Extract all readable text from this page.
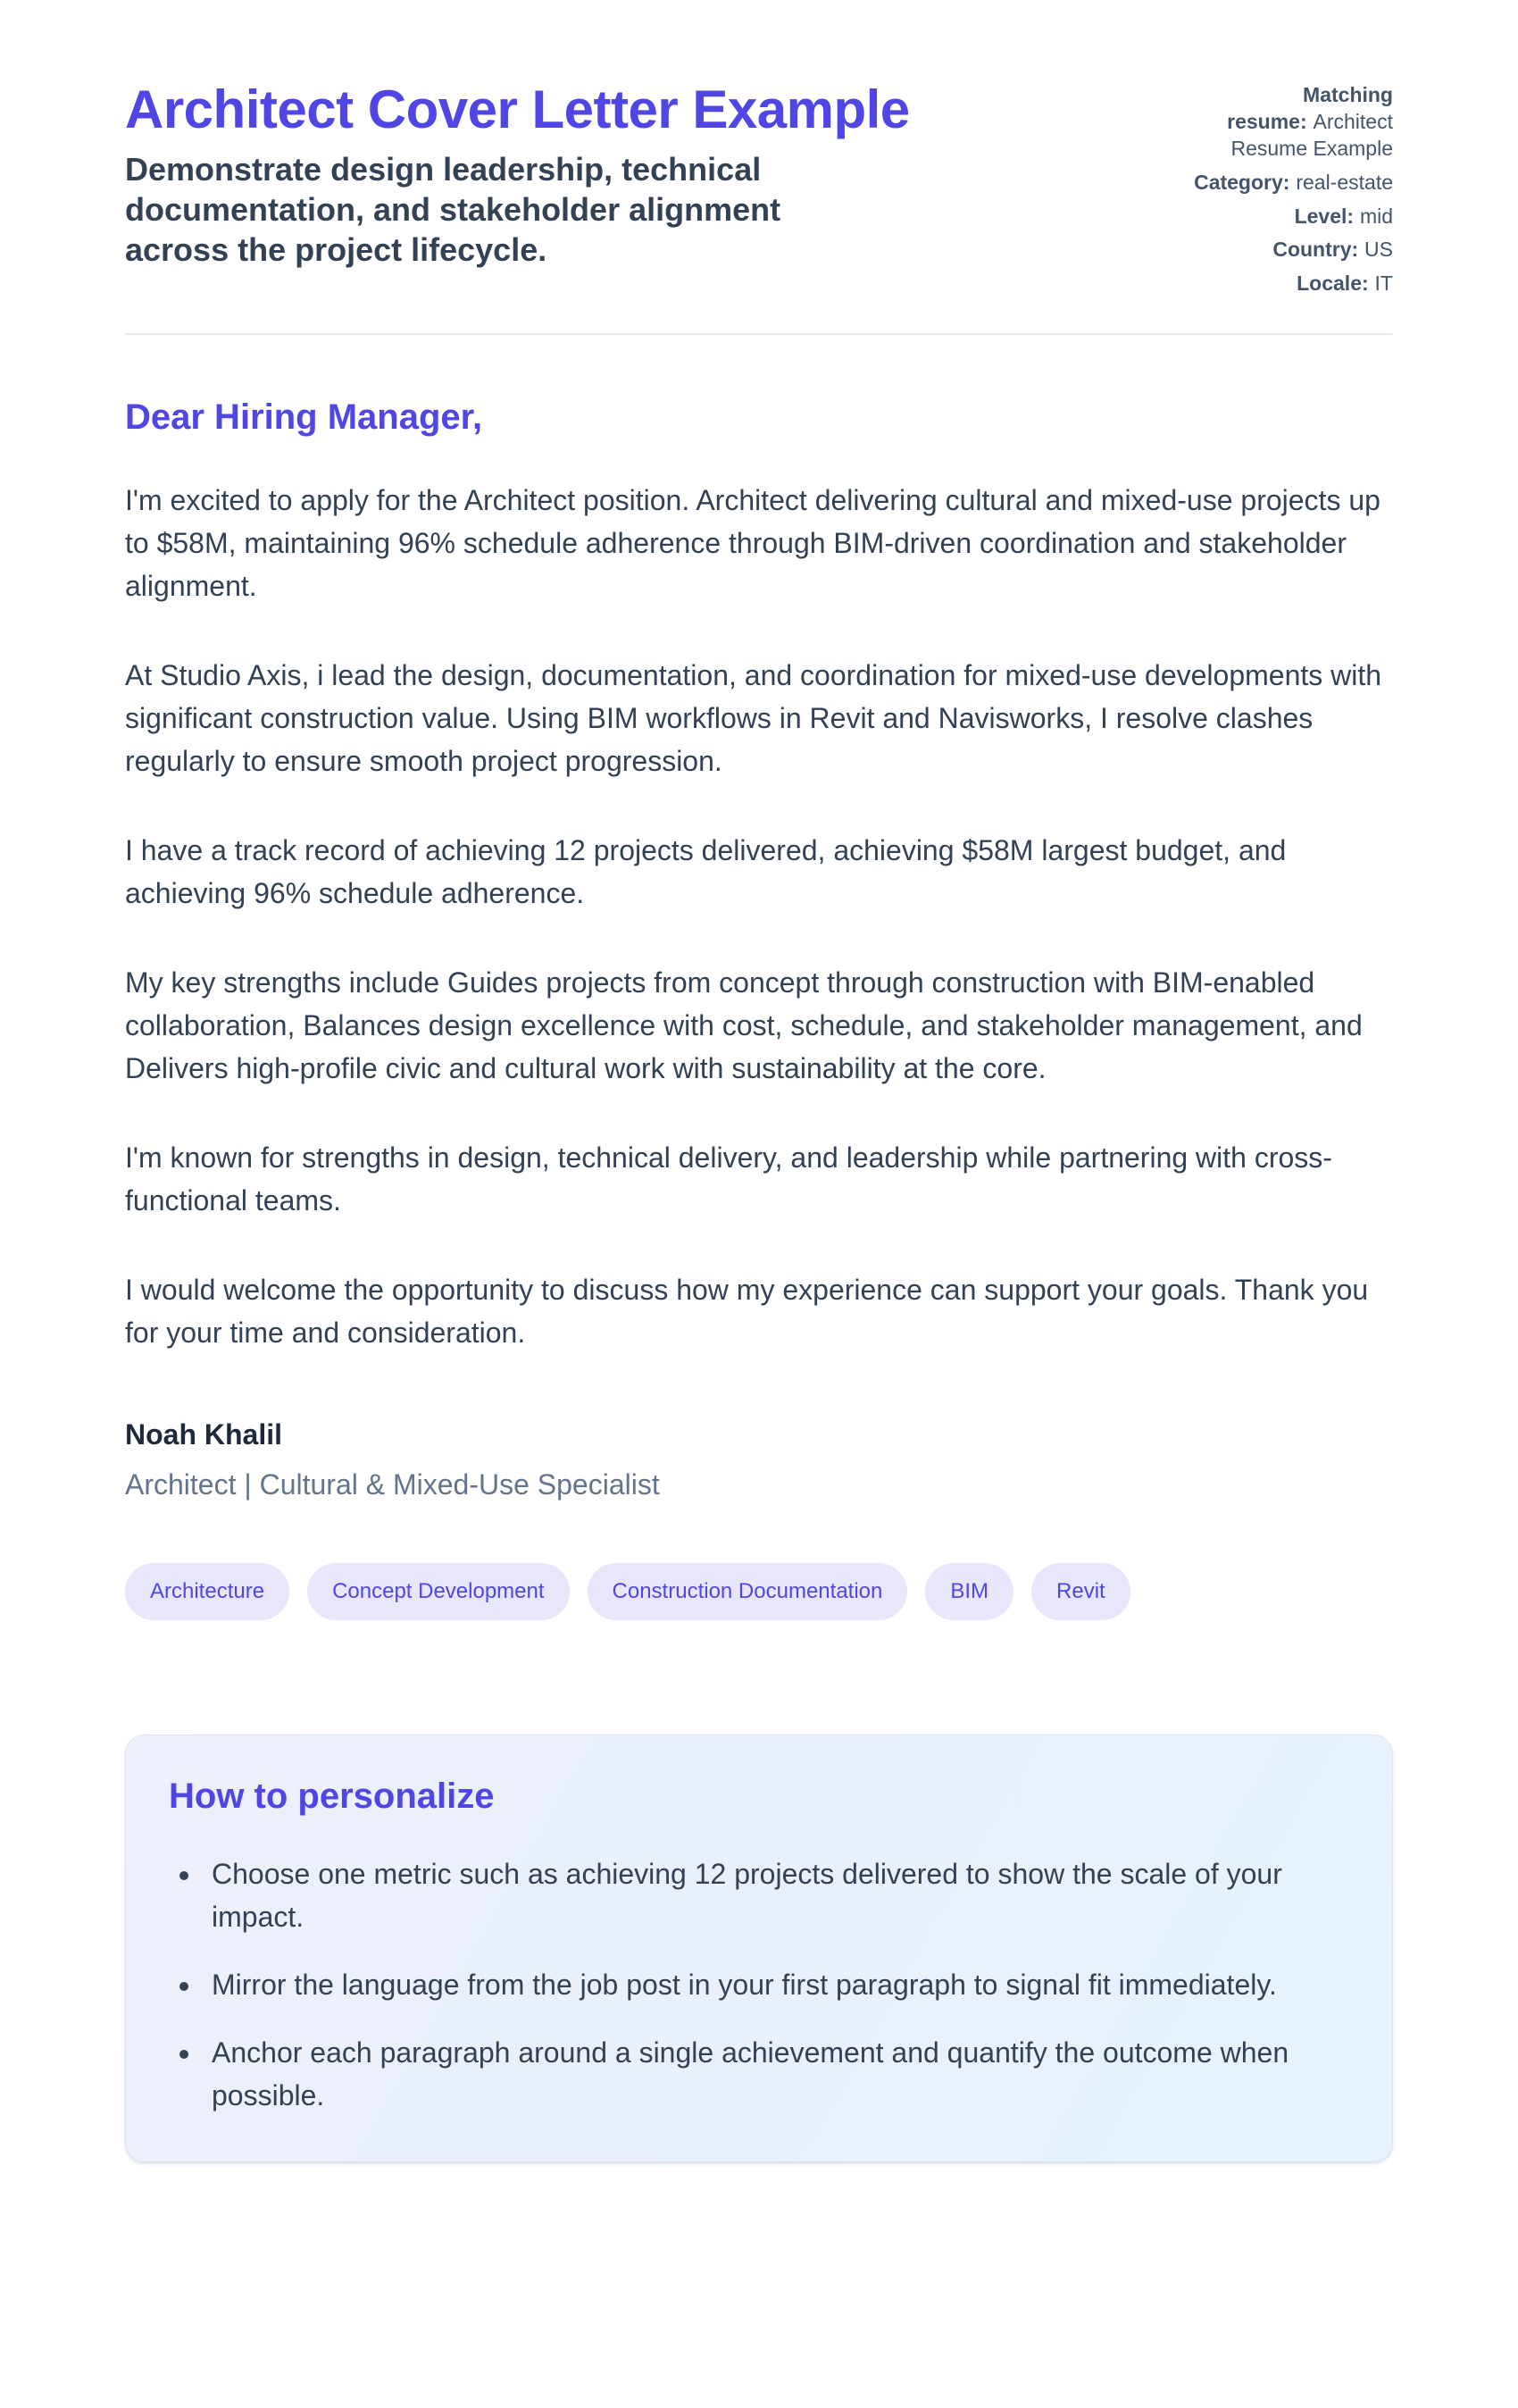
Architect Cover Letter Example

Demonstrate design leadership, technical documentation, and stakeholder alignment across the project lifecycle.

Matching resume: Architect Resume Example

Category: real-estate

Level: mid

Country: US

Locale: IT

Dear Hiring Manager,

I'm excited to apply for the Architect position. Architect delivering cultural and mixed-use projects up to $58M, maintaining 96% schedule adherence through BIM-driven coordination and stakeholder alignment.

At Studio Axis, i lead the design, documentation, and coordination for mixed-use developments with significant construction value. Using BIM workflows in Revit and Navisworks, I resolve clashes regularly to ensure smooth project progression.

I have a track record of achieving 12 projects delivered, achieving $58M largest budget, and achieving 96% schedule adherence.

My key strengths include Guides projects from concept through construction with BIM-enabled collaboration, Balances design excellence with cost, schedule, and stakeholder management, and Delivers high-profile civic and cultural work with sustainability at the core.

I'm known for strengths in design, technical delivery, and leadership while partnering with cross-functional teams.

I would welcome the opportunity to discuss how my experience can support your goals. Thank you for your time and consideration.

Noah Khalil

Architect | Cultural & Mixed-Use Specialist

Architecture	Concept Development	Construction Documentation	BIM	Revit
How to personalize
• Choose one metric such as achieving 12 projects delivered to show the scale of your impact.
• Mirror the language from the job post in your first paragraph to signal fit immediately.
• Anchor each paragraph around a single achievement and quantify the outcome when possible.
